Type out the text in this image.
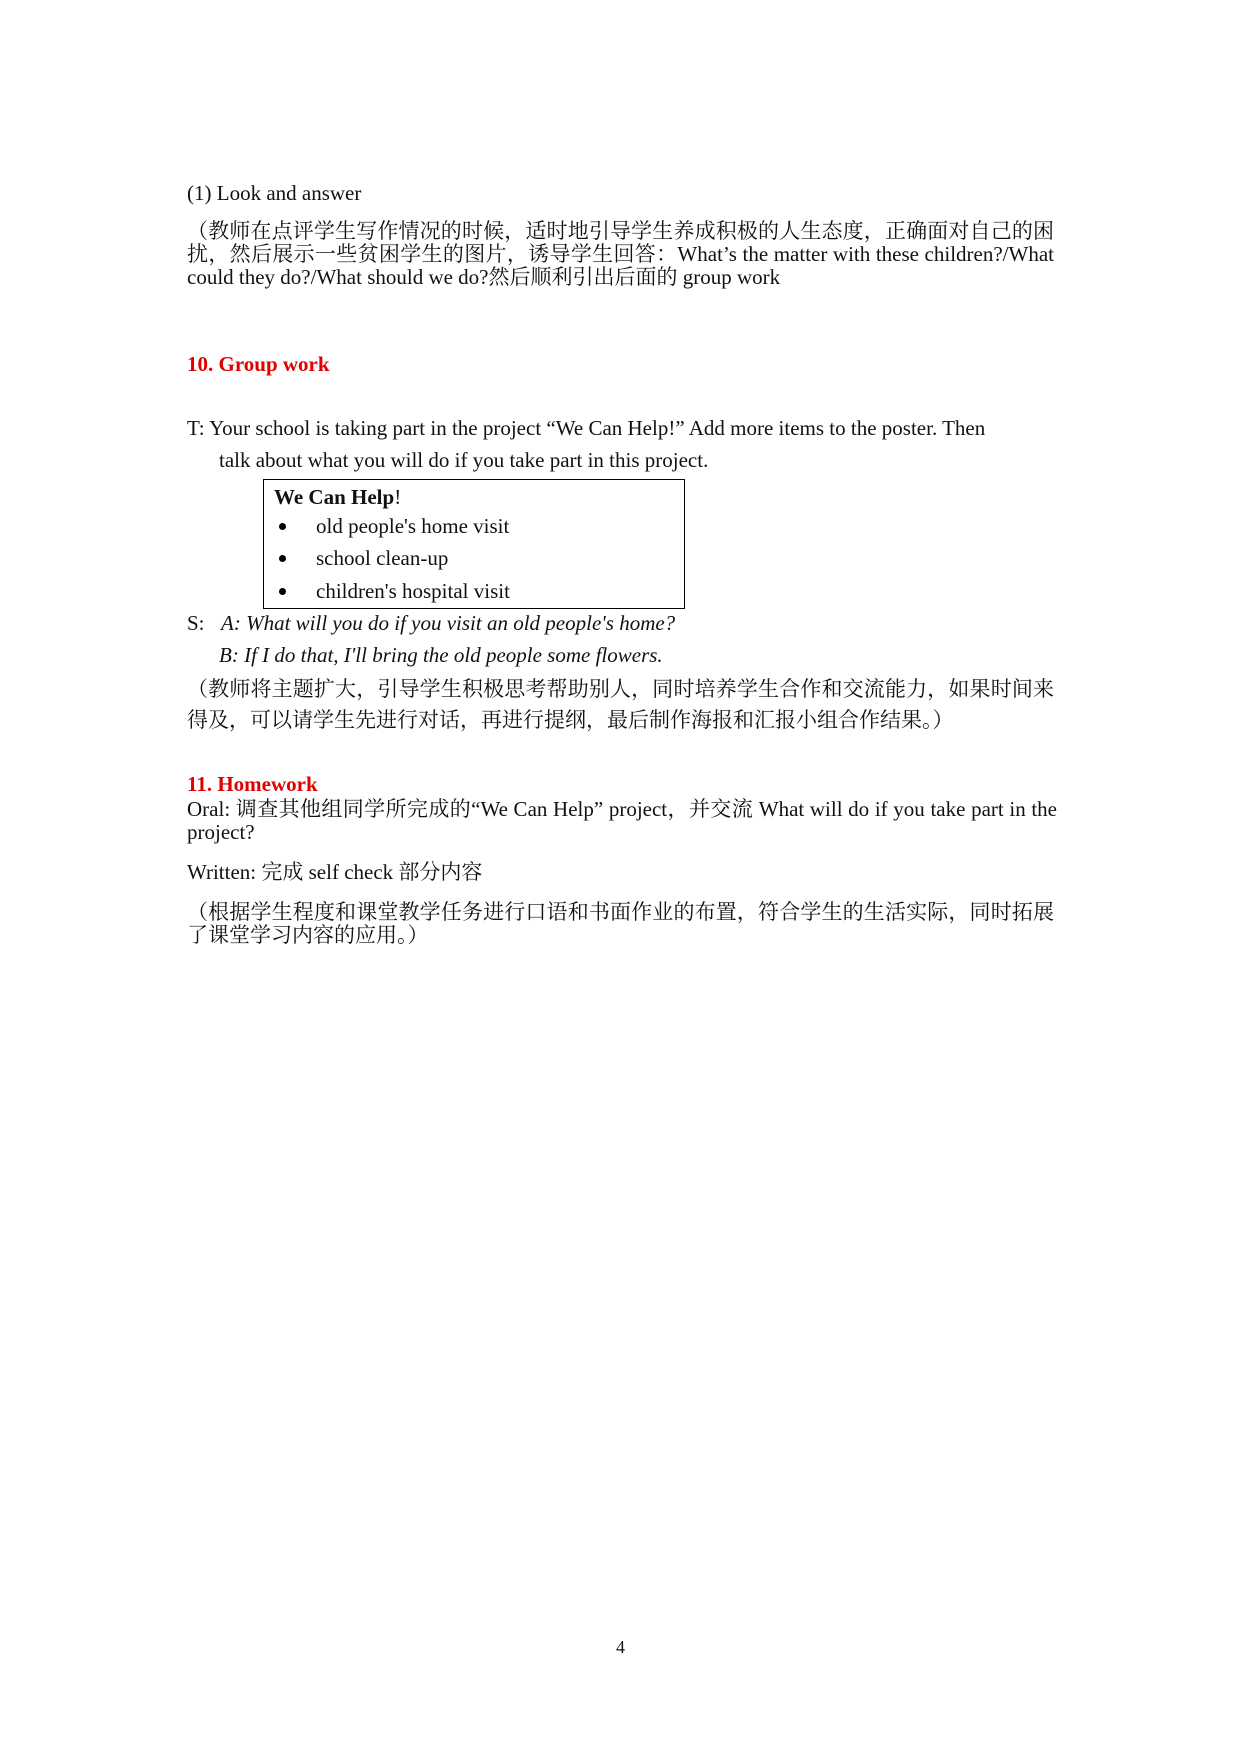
(1) Look and answer
（教师在点评学生写作情况的时候，适时地引导学生养成积极的人生态度，正确面对自己的困扰，然后展示一些贫困学生的图片，诱导学生回答：What’s the matter with these children?/What could they do?/What should we do?然后顺利引出后面的 group work
10. Group work
T: Your school is taking part in the project “We Can Help!” Add more items to the poster. Then
talk about what you will do if you take part in this project.
We Can Help!
old people's home visit
school clean-up
children's hospital visit
S: A: What will you do if you visit an old people's home?
B: If I do that, I'll bring the old people some flowers.
（教师将主题扩大，引导学生积极思考帮助别人，同时培养学生合作和交流能力，如果时间来得及，可以请学生先进行对话，再进行提纲，最后制作海报和汇报小组合作结果。）
11. Homework
Oral: 调查其他组同学所完成的“We Can Help” project，并交流 What will do if you take part in the project?
Written: 完成 self check 部分内容
（根据学生程度和课堂教学任务进行口语和书面作业的布置，符合学生的生活实际，同时拓展了课堂学习内容的应用。）
4
